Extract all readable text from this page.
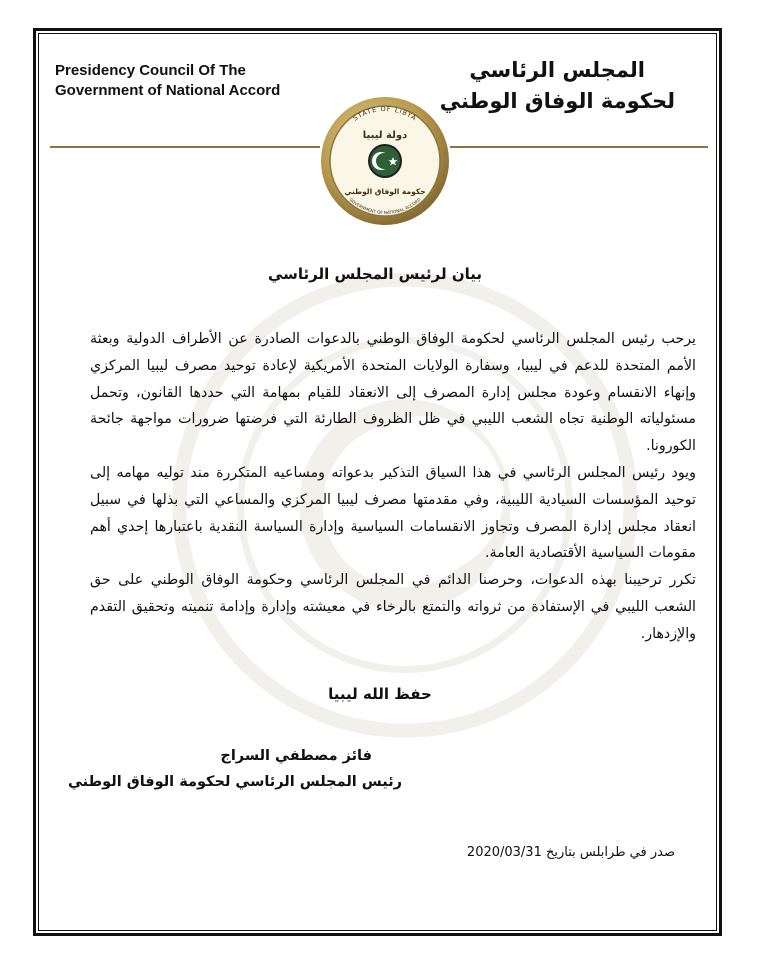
Presidency Council Of The
Government of National Accord
المجلس الرئاسي
لحكومة الوفاق الوطني
STATE OF LIBYA
GOVERNMENT OF NATIONAL ACCORD
دولة ليبيا
حكومة الوفاق الوطني
بيان لرئيس المجلس الرئاسي

يرحب رئيس المجلس الرئاسي لحكومة الوفاق الوطني بالدعوات الصادرة عن الأطراف الدولية وبعثة الأمم المتحدة للدعم في ليبيا، وسفارة الولايات المتحدة الأمريكية لإعادة توحيد مصرف ليبيا المركزي وإنهاء الانقسام وعودة مجلس إدارة المصرف إلى الانعقاد للقيام بمهامة التي حددها القانون، وتحمل مسئولياته الوطنية تجاه الشعب الليبي في ظل الظروف الطارئة التي فرضتها ضرورات مواجهة جائحة الكورونا.

ويود رئيس المجلس الرئاسي في هذا السياق التذكير بدعواته ومساعيه المتكررة مند توليه مهامه إلى توحيد المؤسسات السيادية الليبية، وفي مقدمتها مصرف ليبيا المركزي والمساعي التي بذلها في سبيل انعقاد مجلس إدارة المصرف وتجاوز الانقسامات السياسية وإدارة السياسة النقدية باعتبارها إحدي أهم مقومات السياسية الأقتصادية العامة.

تكرر ترحيبنا بهذه الدعوات، وحرصنا الدائم في المجلس الرئاسي وحكومة الوفاق الوطني على حق الشعب الليبي في الإستفادة من ثرواته والتمتع بالرخاء في معيشته وإدارة وإدامة تنميته وتحقيق التقدم والإزدهار.

حفظ الله ليبيا
فائز مصطفي السراج
رئيس المجلس الرئاسي لحكومة الوفاق الوطني
صدر في طرابلس بتاريخ 2020/03/31
